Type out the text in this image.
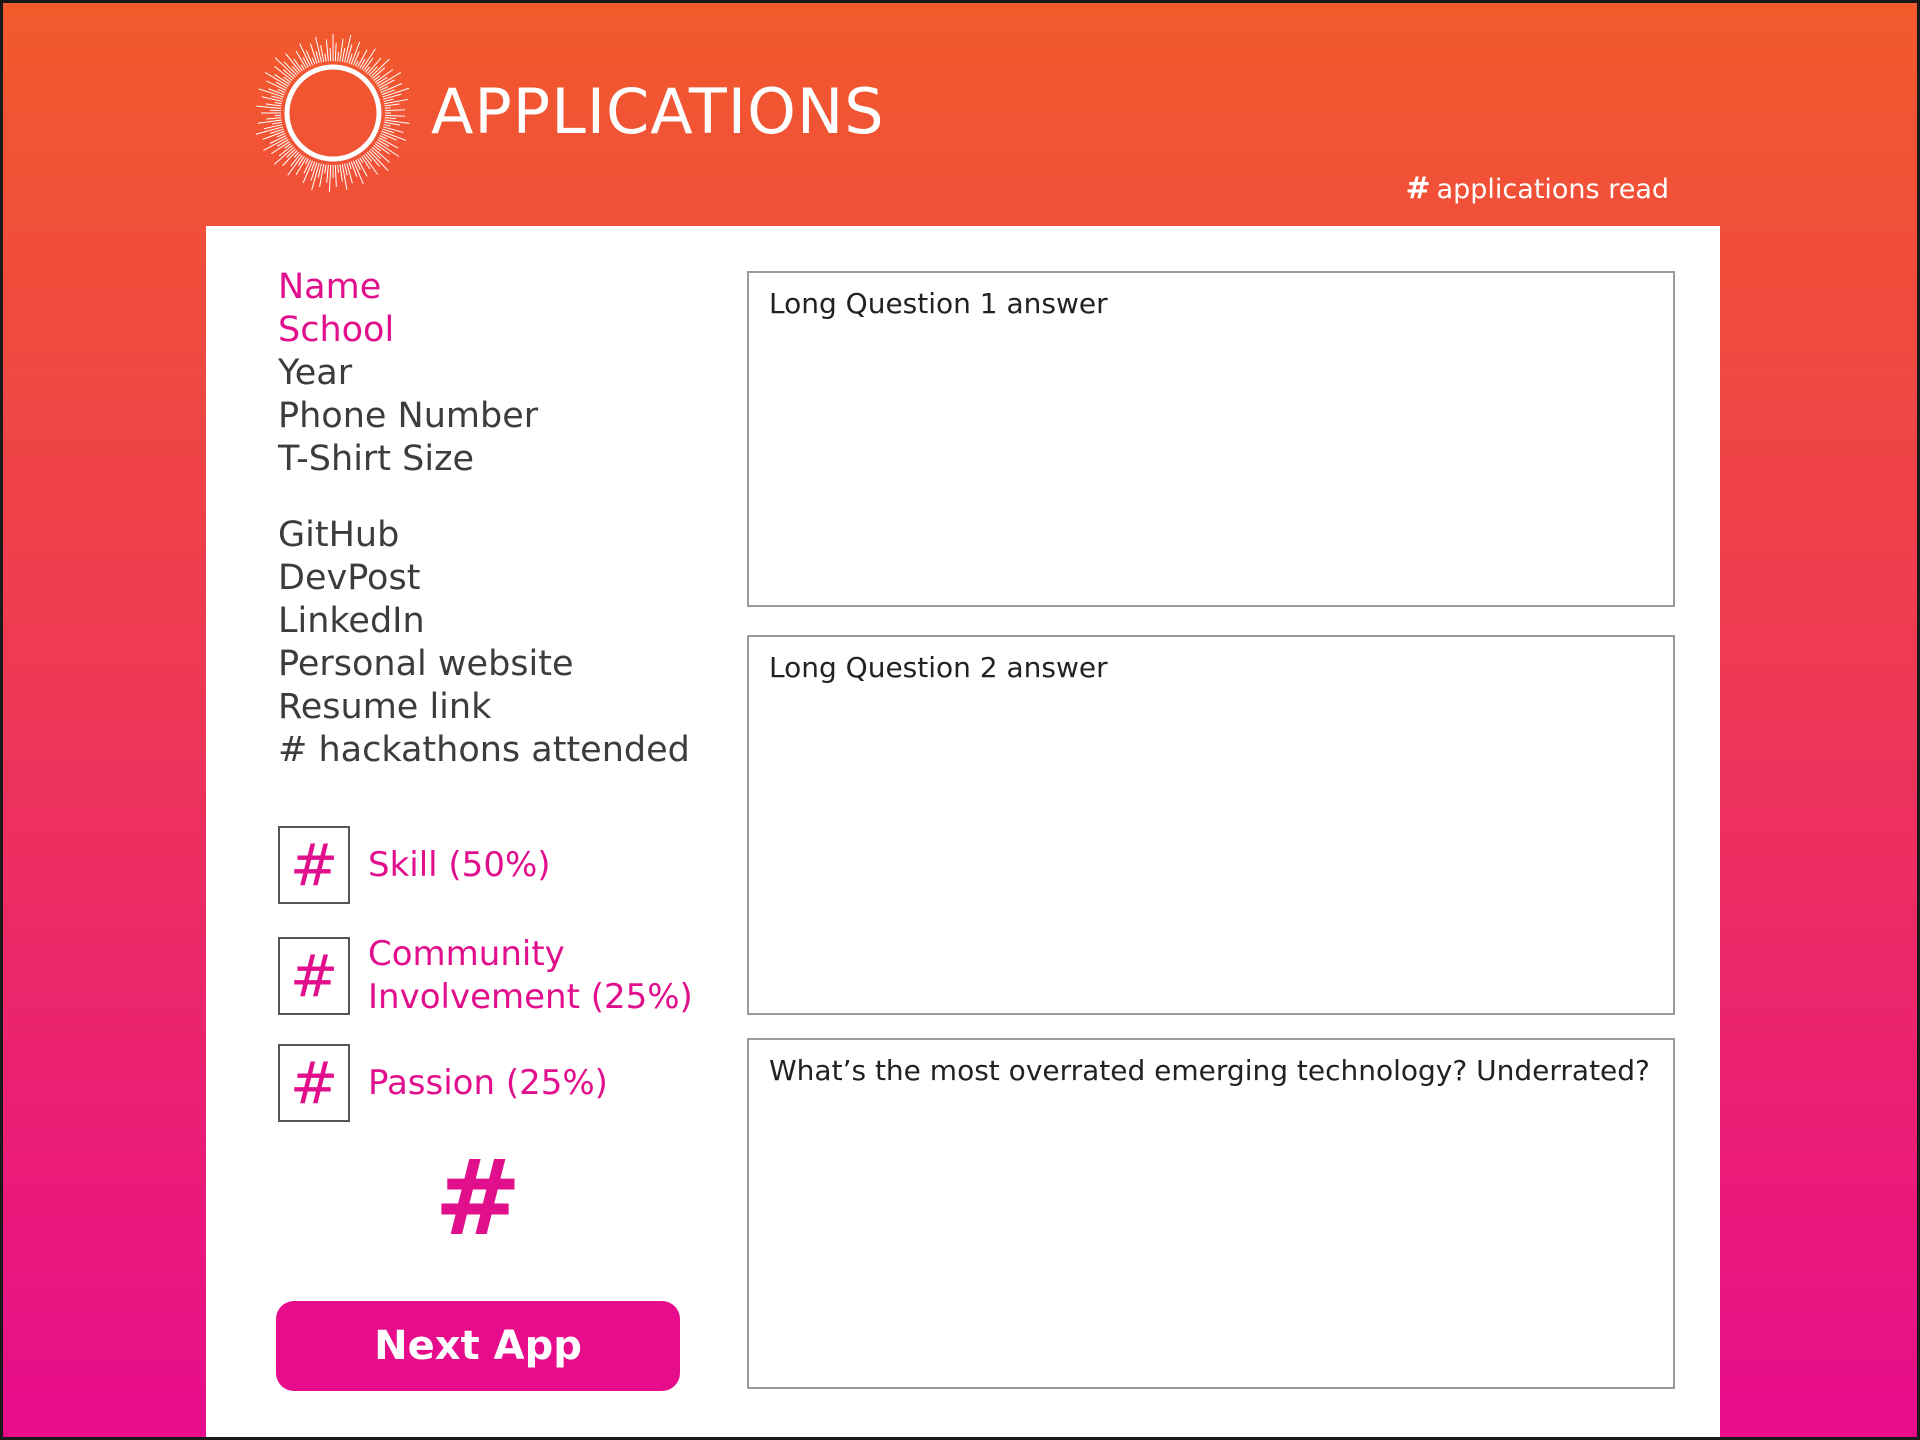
APPLICATIONS
# applications read
Name
School
Year
Phone Number
T-Shirt Size
GitHub
DevPost
LinkedIn
Personal website
Resume link
# hackathons attended
# Skill (50%)
# Community
Involvement (25%)
# Passion (25%)
#
Next App
Long Question 1 answer
Long Question 2 answer
What’s the most overrated emerging technology? Underrated?
